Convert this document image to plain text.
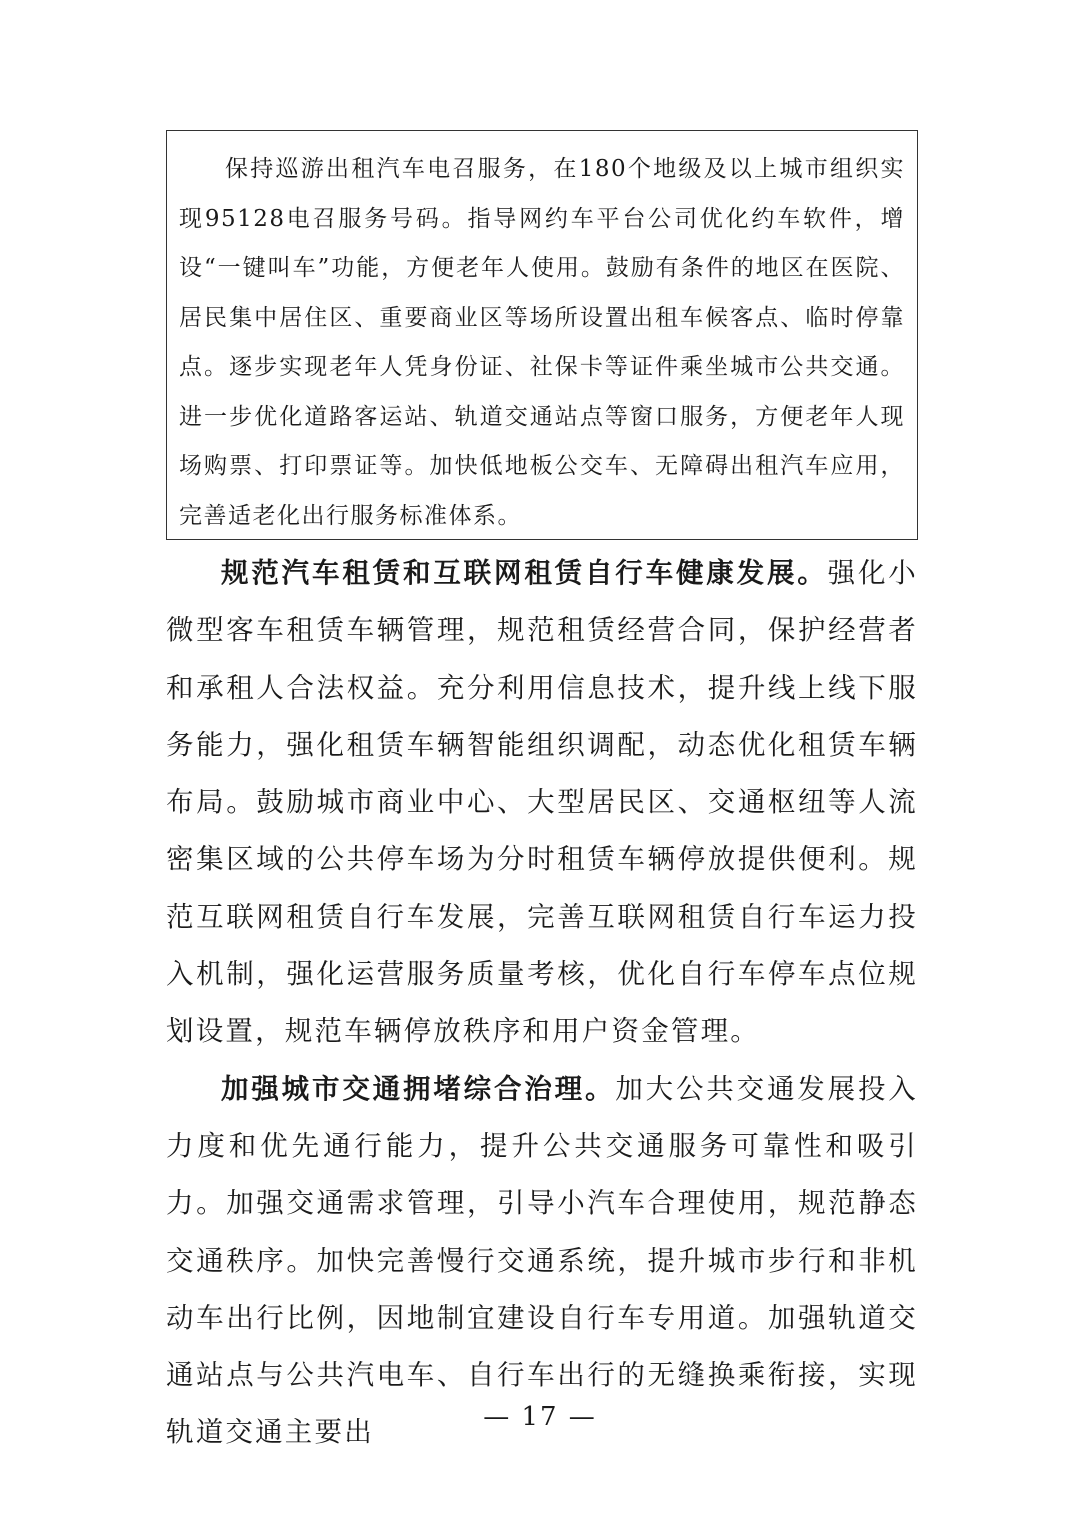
保持巡游出租汽车电召服务，在180个地级及以上城市组织实现95128电召服务号码。指导网约车平台公司优化约车软件，增设“一键叫车”功能，方便老年人使用。鼓励有条件的地区在医院、居民集中居住区、重要商业区等场所设置出租车候客点、临时停靠点。逐步实现老年人凭身份证、社保卡等证件乘坐城市公共交通。进一步优化道路客运站、轨道交通站点等窗口服务，方便老年人现场购票、打印票证等。加快低地板公交车、无障碍出租汽车应用，完善适老化出行服务标准体系。

规范汽车租赁和互联网租赁自行车健康发展。强化小微型客车租赁车辆管理，规范租赁经营合同，保护经营者和承租人合法权益。充分利用信息技术，提升线上线下服务能力，强化租赁车辆智能组织调配，动态优化租赁车辆布局。鼓励城市商业中心、大型居民区、交通枢纽等人流密集区域的公共停车场为分时租赁车辆停放提供便利。规范互联网租赁自行车发展，完善互联网租赁自行车运力投入机制，强化运营服务质量考核，优化自行车停车点位规划设置，规范车辆停放秩序和用户资金管理。

加强城市交通拥堵综合治理。加大公共交通发展投入力度和优先通行能力，提升公共交通服务可靠性和吸引力。加强交通需求管理，引导小汽车合理使用，规范静态交通秩序。加快完善慢行交通系统，提升城市步行和非机动车出行比例，因地制宜建设自行车专用道。加强轨道交通站点与公共汽电车、自行车出行的无缝换乘衔接，实现轨道交通主要出	— 17 —
